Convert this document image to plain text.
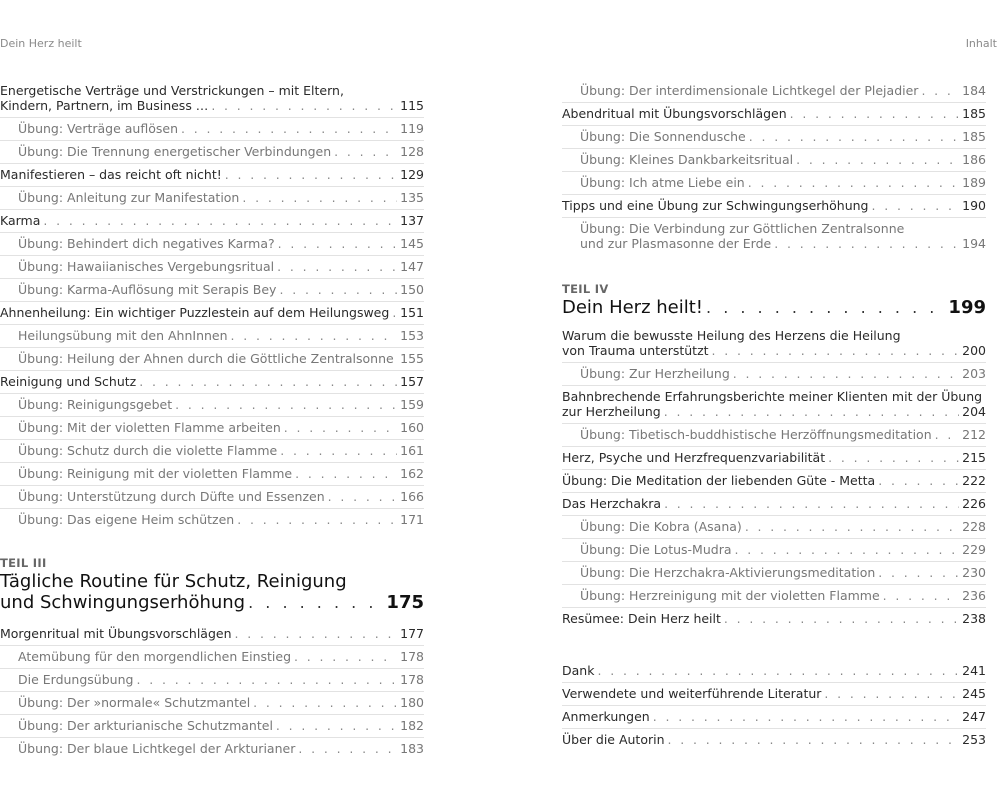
Dein Herz heilt	Inhalt
Energetische Verträge und Verstrickungen – mit Eltern,
Kindern, Partnern, im Business … . . .	115
Übung: Verträge auflösen . . .	119
Übung: Die Trennung energetischer Verbindungen . . .	128
Manifestieren – das reicht oft nicht! . . .	129
Übung: Anleitung zur Manifestation . . .	135
Karma . . .	137
Übung: Behindert dich negatives Karma? . . .	145
Übung: Hawaiianisches Vergebungsritual . . .	147
Übung: Karma-Auflösung mit Serapis Bey . . .	150
Ahnenheilung: Ein wichtiger Puzzlestein auf dem Heilungsweg . . . 151
Heilungsübung mit den AhnInnen . . .	153
Übung: Heilung der Ahnen durch die Göttliche Zentralsonne . . . 155
Reinigung und Schutz . . .	157
Übung: Reinigungsgebet . . .	159
Übung: Mit der violetten Flamme arbeiten . . .	160
Übung: Schutz durch die violette Flamme . . .	161
Übung: Reinigung mit der violetten Flamme . . .	162
Übung: Unterstützung durch Düfte und Essenzen . . .	166
Übung: Das eigene Heim schützen . . .	171
TEIL III
Tägliche Routine für Schutz, Reinigung
und Schwingungserhöhung . . .	175
Morgenritual mit Übungsvorschlägen . . .	177
Atemübung für den morgendlichen Einstieg . . .	178
Die Erdungsübung . . .	178
Übung: Der »normale« Schutzmantel . . .	180
Übung: Der arkturianische Schutzmantel . . .	182
Übung: Der blaue Lichtkegel der Arkturianer . . .	183
Übung: Der interdimensionale Lichtkegel der Plejadier . . .	184
Abendritual mit Übungsvorschlägen . . .	185
Übung: Die Sonnendusche . . .	185
Übung: Kleines Dankbarkeitsritual . . .	186
Übung: Ich atme Liebe ein . . .	189
Tipps und eine Übung zur Schwingungserhöhung . . .	190
Übung: Die Verbindung zur Göttlichen Zentralsonne
und zur Plasmasonne der Erde . . .	194
TEIL IV
Dein Herz heilt! . . .	199
Warum die bewusste Heilung des Herzens die Heilung
von Trauma unterstützt . . .	200
Übung: Zur Herzheilung . . .	203
Bahnbrechende Erfahrungsberichte meiner Klienten mit der Übung
zur Herzheilung . . .	204
Übung: Tibetisch-buddhistische Herzöffnungsmeditation . . . 212
Herz, Psyche und Herzfrequenzvariabilität . . .	215
Übung: Die Meditation der liebenden Güte - Metta . . .	222
Das Herzchakra . . .	226
Übung: Die Kobra (Asana) . . .	228
Übung: Die Lotus-Mudra . . .	229
Übung: Die Herzchakra-Aktivierungsmeditation . . .	230
Übung: Herzreinigung mit der violetten Flamme . . .	236
Resümee: Dein Herz heilt . . .	238
Dank . . .	241
Verwendete und weiterführende Literatur . . .	245
Anmerkungen . . .	247
Über die Autorin . . .	253
